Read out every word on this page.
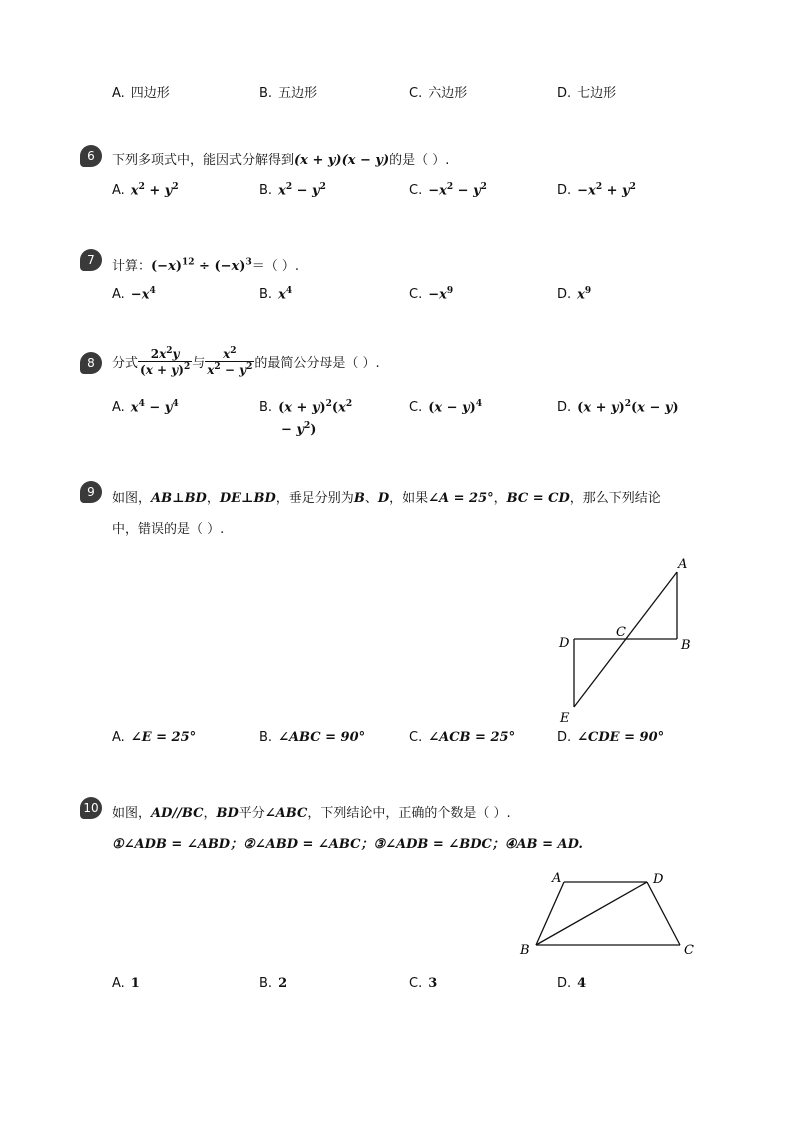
A. 四边形	B. 五边形	C. 六边形	D. 七边形
6	下列多项式中，能因式分解得到(x + y)(x − y)的是（ ）.
A. $x^2 + y^2$	B. $x^2 - y^2$	C. $-x^2 - y^2$	D. $-x^2 + y^2$
7	计算：$(-x)^{12} \div (-x)^3=$（ ）.
A. $-x^4$	B. $x^4$	C. $-x^9$	D. $x^9$
8	分式 $\frac{2x^2y}{(x + y)^2}$ 与 $\frac{x^2}{x^2 - y^2}$ 的最简公分母是（ ）.
A. $x^4 - y^4$	B. $(x + y)^2(x^2$
− $y^2$)
C. $(x - y)^4$	D. $(x + y)^2(x - y)$
9	如图，AB⊥BD，DE⊥BD，垂足分别为B、D，如果∠A = 25°，BC = CD，那么下列结论
中，错误的是（ ）.
A
B
C
D
E
A. ∠E = 25°	B. ∠ABC = 90°	C. ∠ACB = 25°	D. ∠CDE = 90°
10 如图，AD//BC，BD平分∠ABC，下列结论中，正确的个数是（ ）.
①∠ADB = ∠ABD；②∠ABD = ∠ABC；③∠ADB = ∠BDC；④AB = AD.
A	D
B	C
A. 1	B. 2	C. 3	D. 4
